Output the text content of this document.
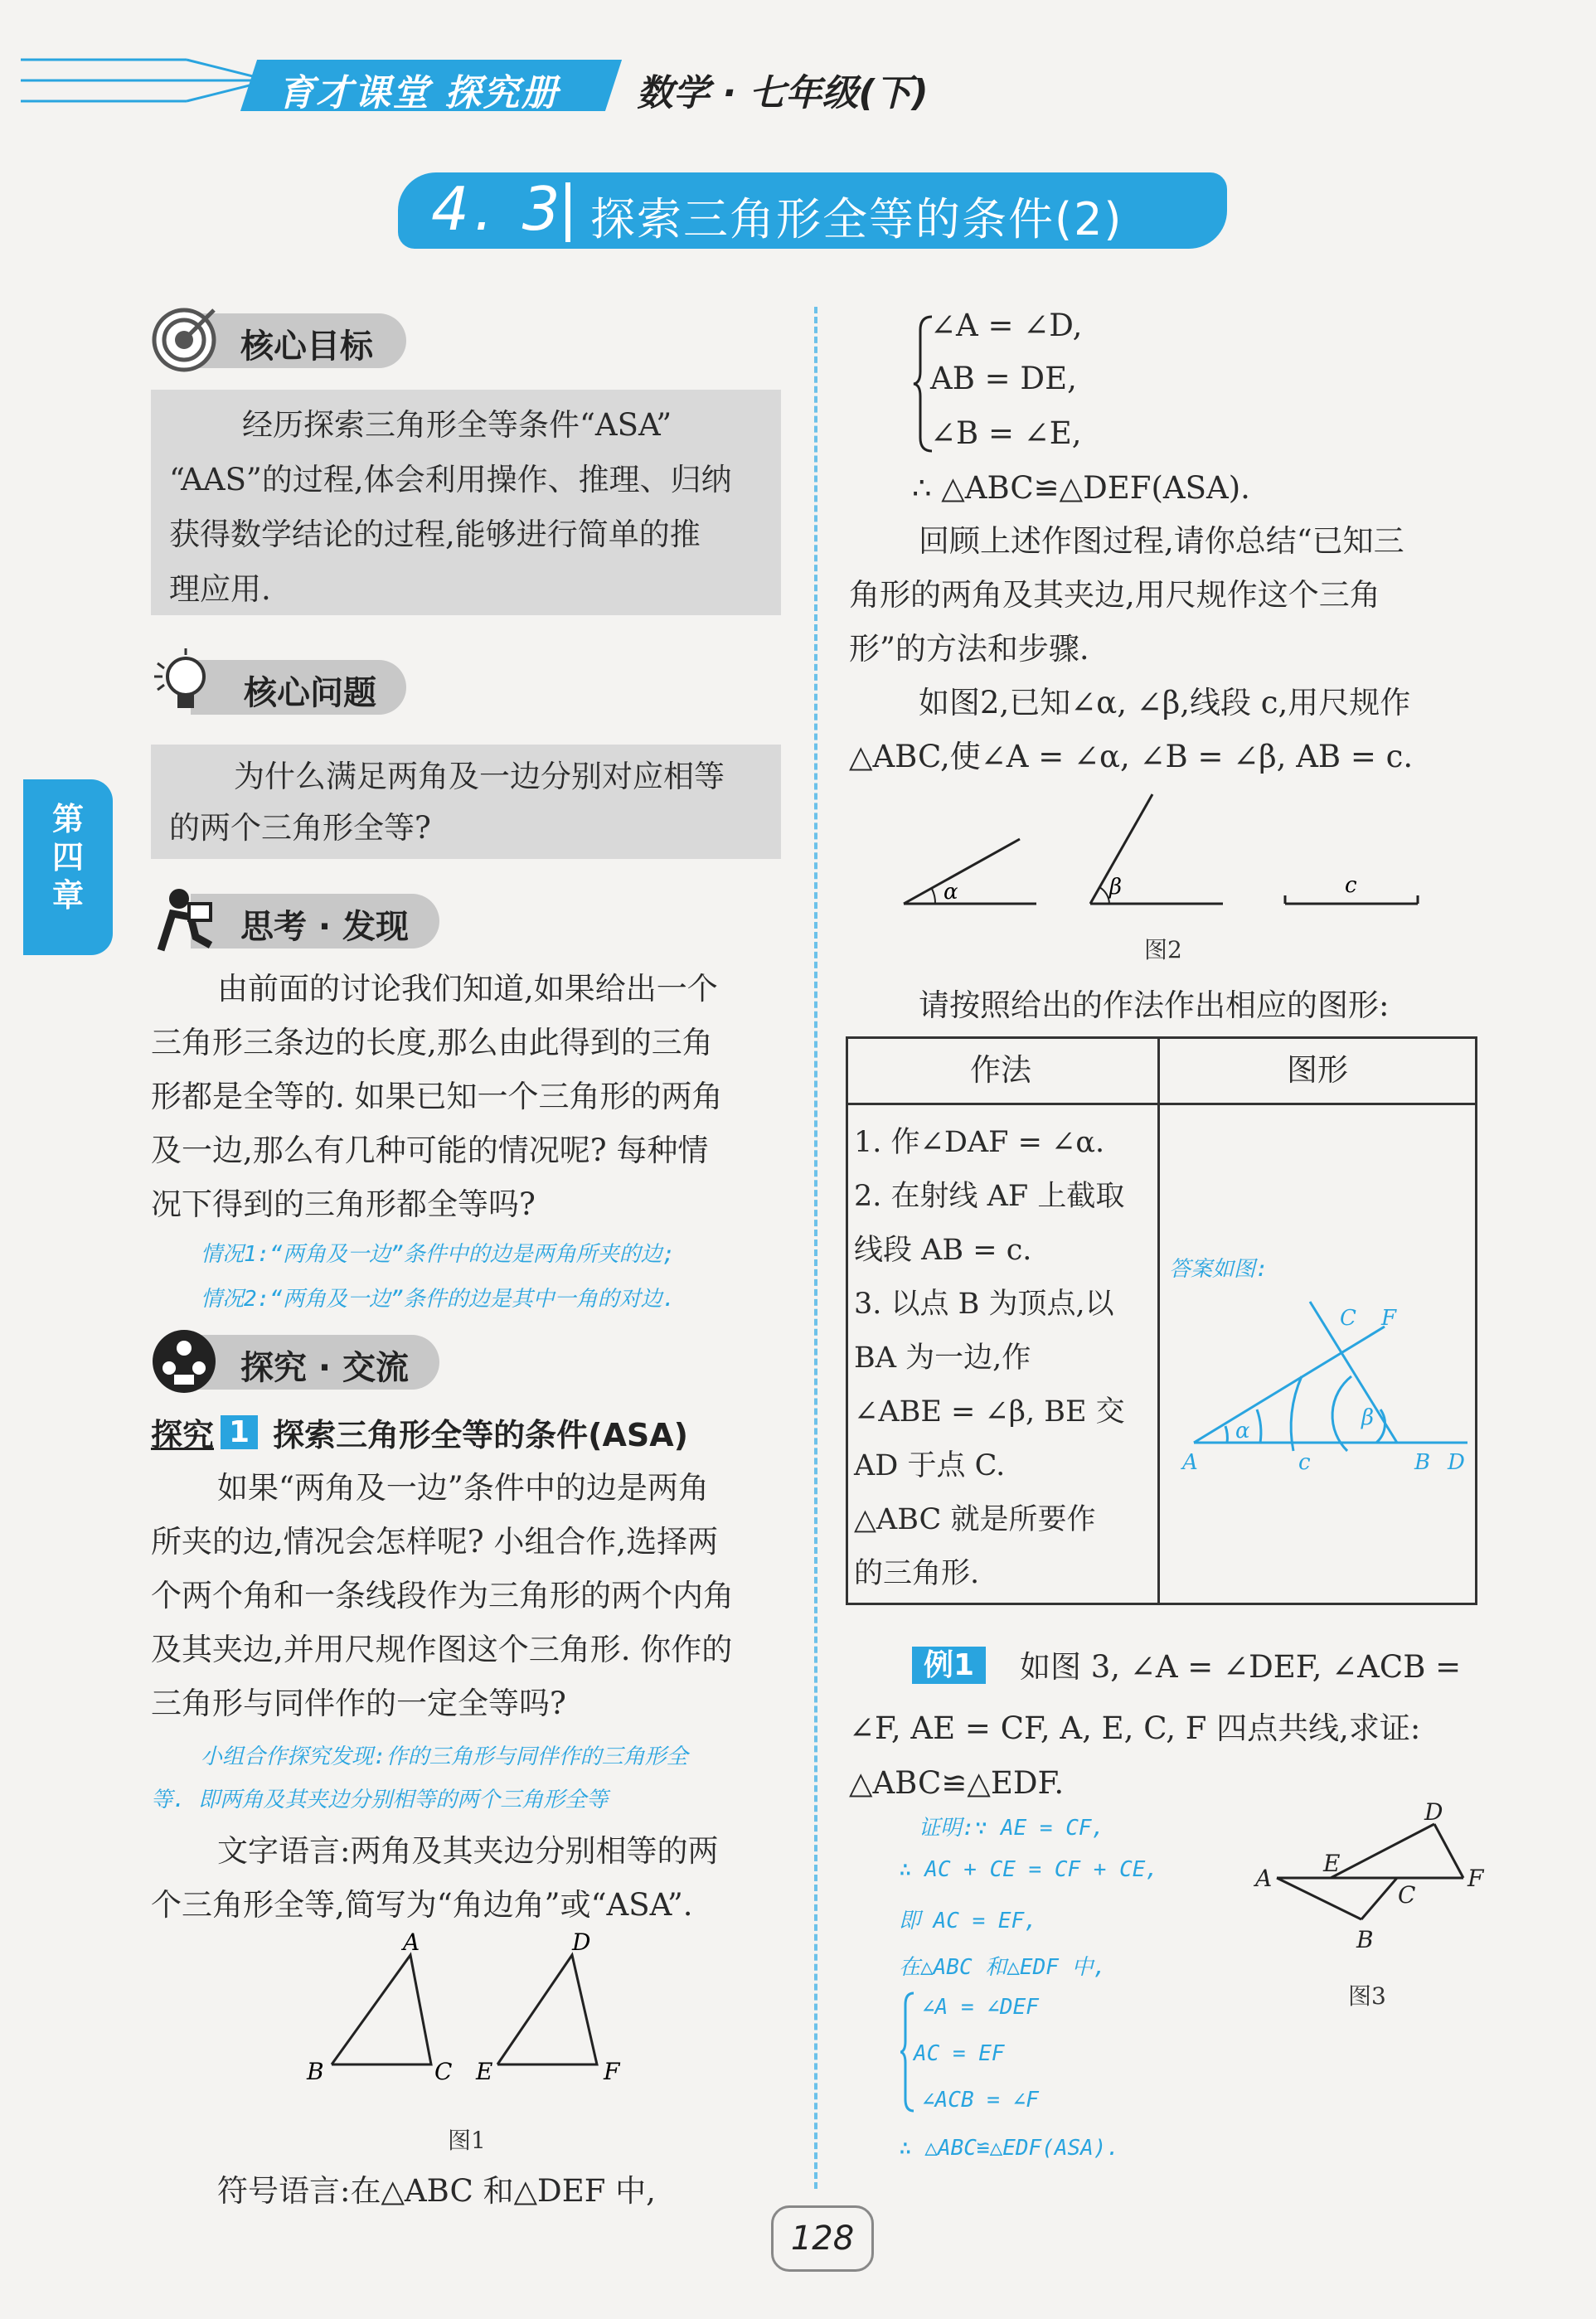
育才课堂 探究册 数学 · 七年级(下)
4. 3 探索三角形全等的条件(2)
第四章
核心目标
经历探索三角形全等条件“ASA”
“AAS”的过程,体会利用操作、推理、归纳
获得数学结论的过程,能够进行简单的推
理应用.
核心问题
为什么满足两角及一边分别对应相等
的两个三角形全等?
思考 · 发现
由前面的讨论我们知道,如果给出一个
三角形三条边的长度,那么由此得到的三角
形都是全等的. 如果已知一个三角形的两角
及一边,那么有几种可能的情况呢? 每种情
况下得到的三角形都全等吗?
情况1:“两角及一边”条件中的边是两角所夹的边;
情况2:“两角及一边”条件的边是其中一角的对边.
探究 · 交流
探究 1 探索三角形全等的条件(ASA)
如果“两角及一边”条件中的边是两角
所夹的边,情况会怎样呢? 小组合作,选择两
个两个角和一条线段作为三角形的两个内角
及其夹边,并用尺规作图这个三角形. 你作的
三角形与同伴作的一定全等吗?
小组合作探究发现:作的三角形与同伴作的三角形全
等. 即两角及其夹边分别相等的两个三角形全等
文字语言:两角及其夹边分别相等的两
个三角形全等,简写为“角边角”或“ASA”.
A
B	C
D
E	F
图1
符号语言:在△ABC 和△DEF 中,
∠A = ∠D,
AB = DE,
∠B = ∠E,
∴ △ABC≌△DEF(ASA).
回顾上述作图过程,请你总结“已知三
角形的两角及其夹边,用尺规作这个三角
形”的方法和步骤.
如图2,已知∠α, ∠β,线段 c,用尺规作
△ABC,使∠A = ∠α, ∠B = ∠β, AB = c.
α	β	c
图2
请按照给出的作法作出相应的图形:
作法	图形
1. 作∠DAF = ∠α.
2. 在射线 AF 上截取
线段 AB = c.
3. 以点 B 为顶点,以
BA 为一边,作
∠ABE = ∠β, BE 交
AD 于点 C.
△ABC 就是所要作
的三角形.
答案如图:
A
α
c
β
B D
C F
例1	如图 3, ∠A = ∠DEF, ∠ACB =
∠F, AE = CF, A, E, C, F 四点共线,求证:
△ABC≌△EDF.
证明:∵ AE = CF,
∴ AC + CE = CF + CE,
即 AC = EF,
在△ABC 和△EDF 中,
∠A = ∠DEF
AC = EF
∠ACB = ∠F
∴ △ABC≌△EDF(ASA).
D
E
A
C
F
B
图3
128
